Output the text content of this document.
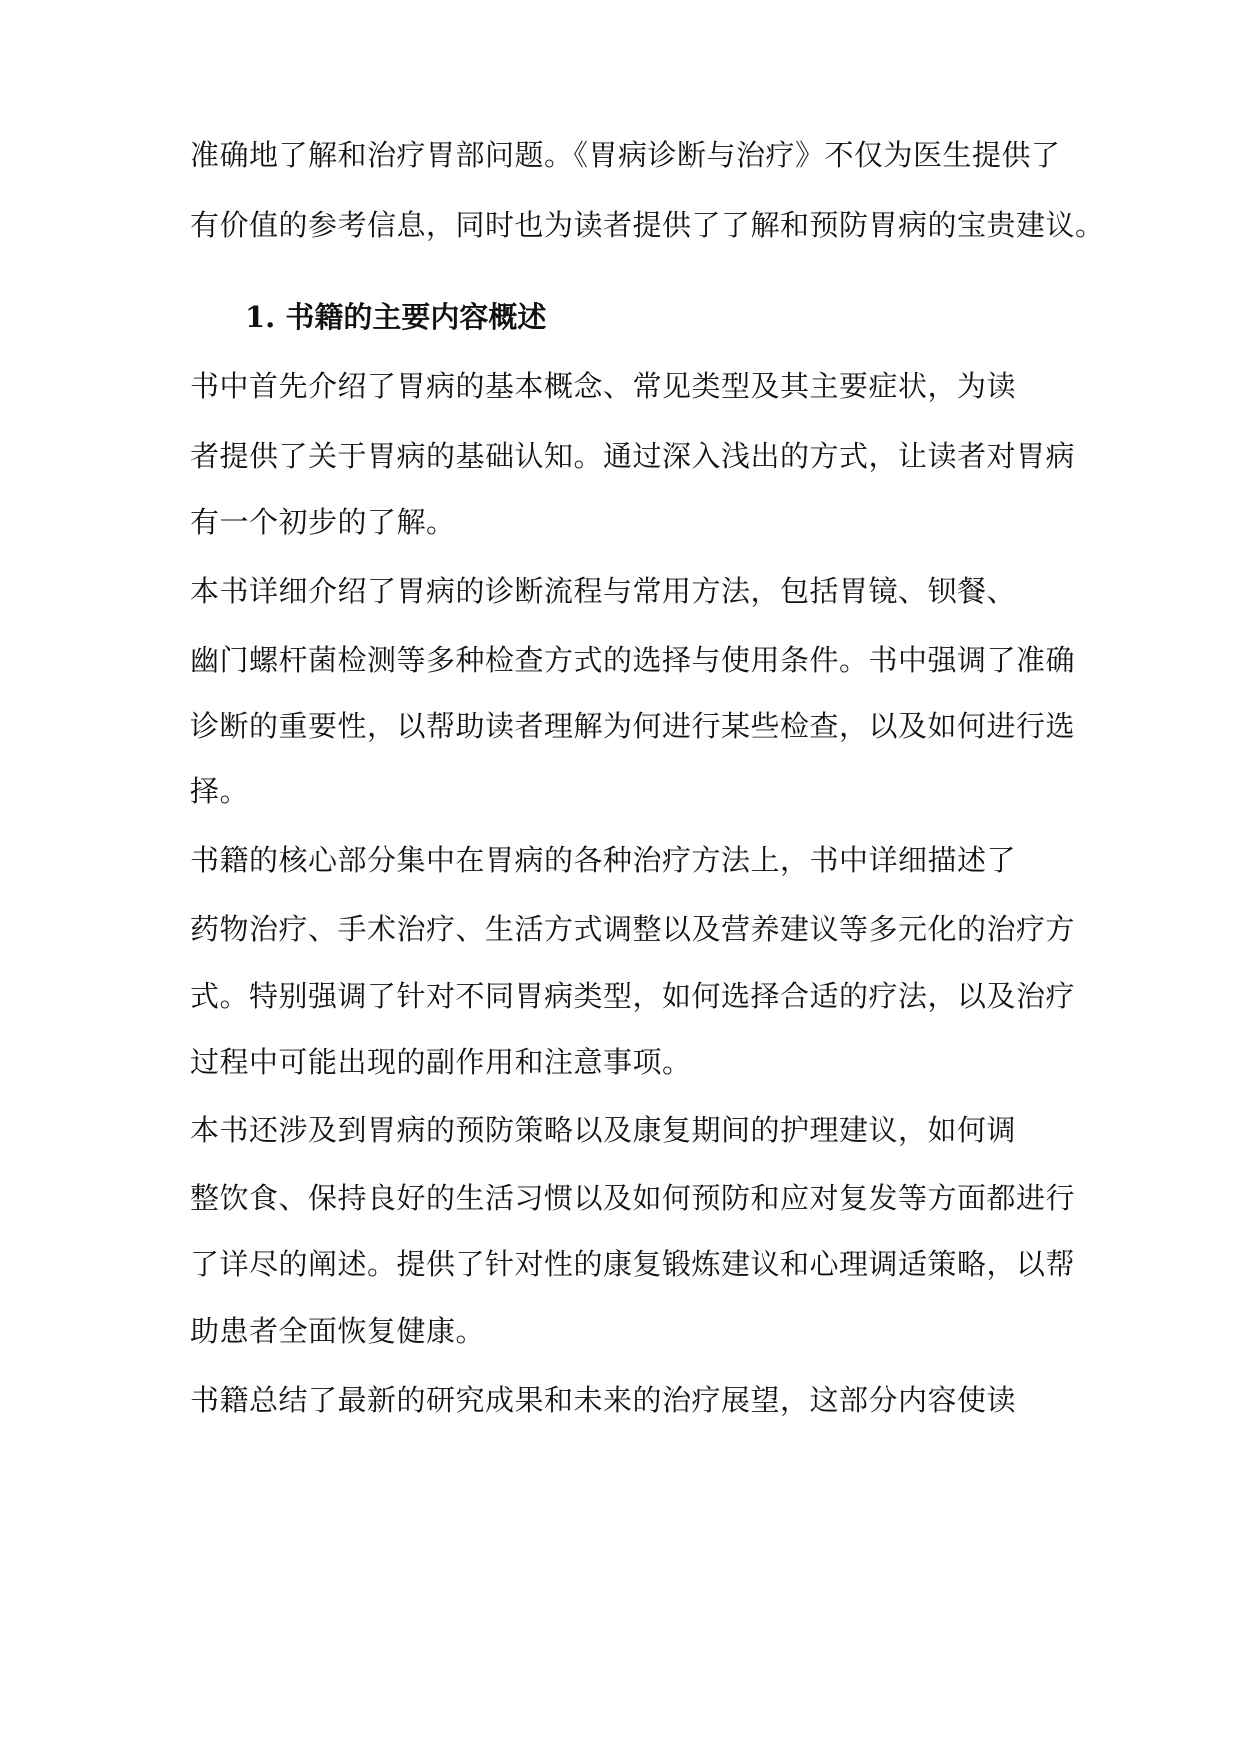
准确地了解和治疗胃部问题。《胃病诊断与治疗》不仅为医生提供了
有价值的参考信息，同时也为读者提供了了解和预防胃病的宝贵建议。
1. 书籍的主要内容概述
书中首先介绍了胃病的基本概念、常见类型及其主要症状，为读
者提供了关于胃病的基础认知。通过深入浅出的方式，让读者对胃病
有一个初步的了解。
本书详细介绍了胃病的诊断流程与常用方法，包括胃镜、钡餐、
幽门螺杆菌检测等多种检查方式的选择与使用条件。书中强调了准确
诊断的重要性，以帮助读者理解为何进行某些检查，以及如何进行选
择。
书籍的核心部分集中在胃病的各种治疗方法上，书中详细描述了
药物治疗、手术治疗、生活方式调整以及营养建议等多元化的治疗方
式。特别强调了针对不同胃病类型，如何选择合适的疗法，以及治疗
过程中可能出现的副作用和注意事项。
本书还涉及到胃病的预防策略以及康复期间的护理建议，如何调
整饮食、保持良好的生活习惯以及如何预防和应对复发等方面都进行
了详尽的阐述。提供了针对性的康复锻炼建议和心理调适策略，以帮
助患者全面恢复健康。
书籍总结了最新的研究成果和未来的治疗展望，这部分内容使读
